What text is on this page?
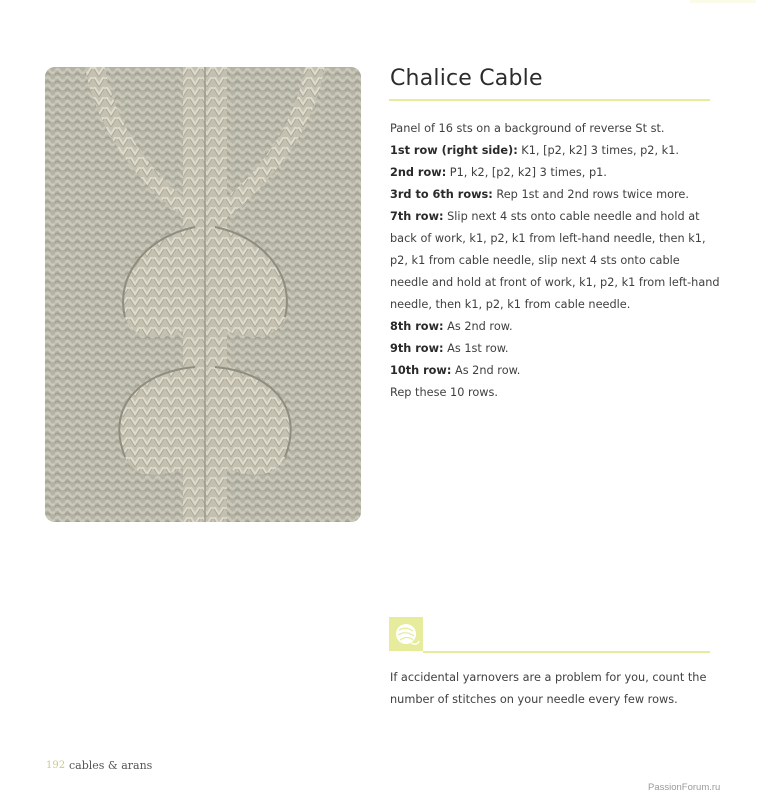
Chalice Cable

Panel of 16 sts on a background of reverse St st.

1st row (right side): K1, [p2, k2] 3 times, p2, k1.

2nd row: P1, k2, [p2, k2] 3 times, p1.

3rd to 6th rows: Rep 1st and 2nd rows twice more.

7th row: Slip next 4 sts onto cable needle and hold at back of work, k1, p2, k1 from left-hand needle, then k1, p2, k1 from cable needle, slip next 4 sts onto cable needle and hold at front of work, k1, p2, k1 from left-hand needle, then k1, p2, k1 from cable needle.

8th row: As 2nd row.

9th row: As 1st row.

10th row: As 2nd row.

Rep these 10 rows.

If accidental yarnovers are a problem for you, count the number of stitches on your needle every few rows.
192 cables & arans
PassionForum.ru
